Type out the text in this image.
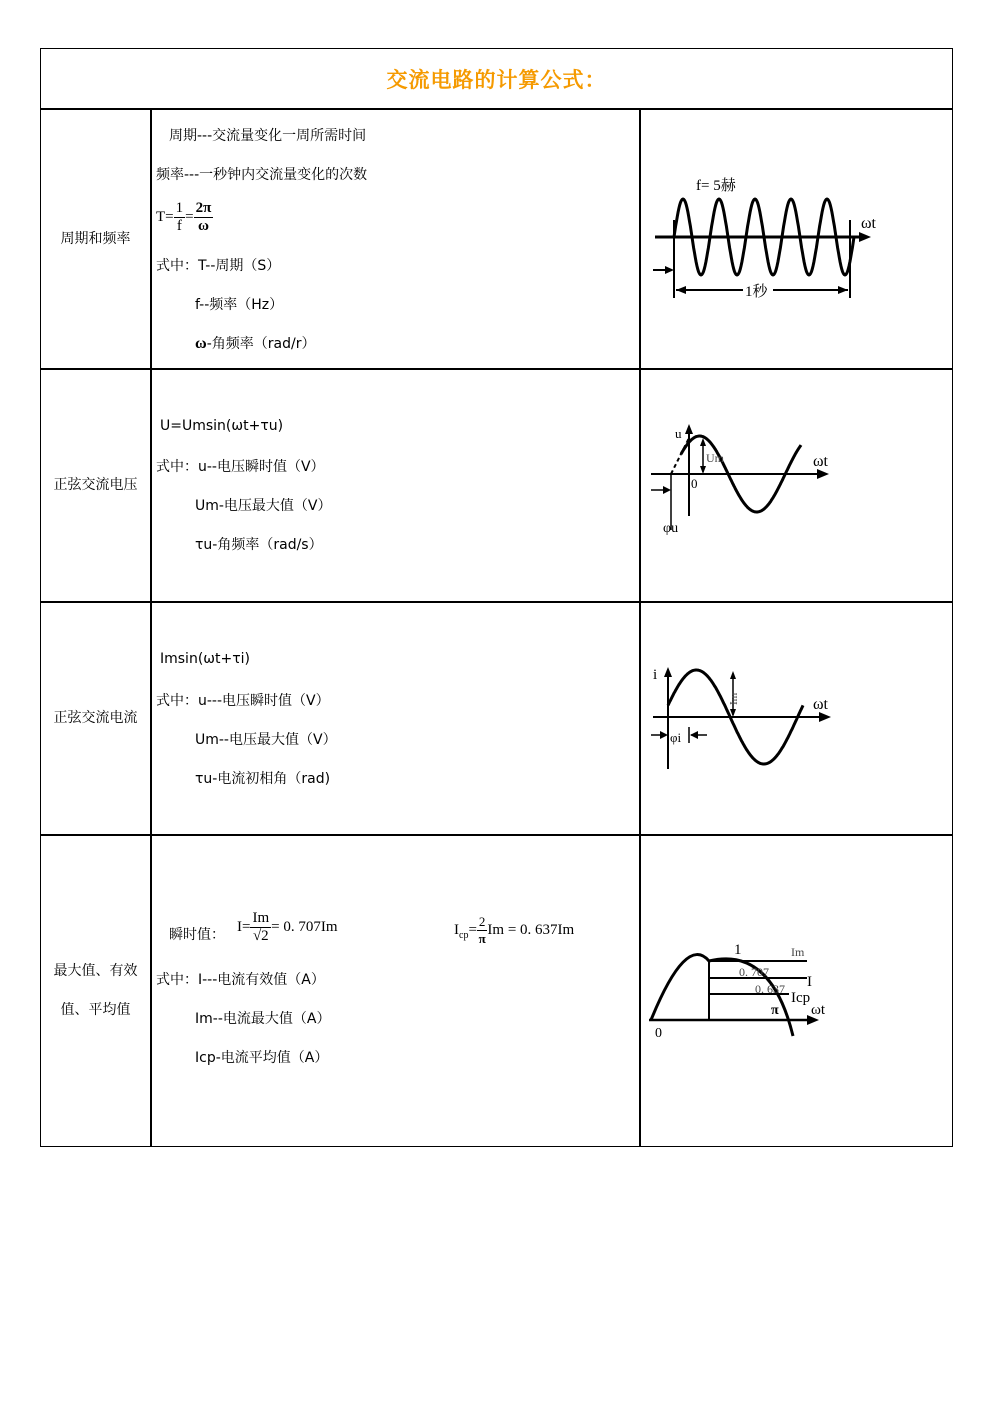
交流电路的计算公式：
周期和频率
周期---交流量变化一周所需时间
频率---一秒钟内交流量变化的次数
$T= \frac{1}{f} = \frac{2\pi}{\omega}$
式中：T--周期（S）
f--频率（Hz）
ω-角频率（rad/r）
f= 5赫
ωt
1秒
正弦交流电压
U=Umsin(ωt+τu)
式中：u--电压瞬时值（V）
Um-电压最大值（V）
τu-角频率（rad/s）
ωt
u
Um
0
φu
正弦交流电流
Imsin(ωt+τi)
式中：u---电压瞬时值（V）
Um--电压最大值（V）
τu-电流初相角（rad)
ωt
i
Im
φi
最大值、有效值、平均值
瞬时值：
$I= \frac{Im}{√2} = 0$. 707Im	$I_{cp}= \frac{2}{\pi}$ Im = 0. 637Im
式中：I---电流有效值（A）
Im--电流最大值（A）
Icp-电流平均值（A）
ωt
1	Im
0. 707
I
0. 637
Icp
π
0
